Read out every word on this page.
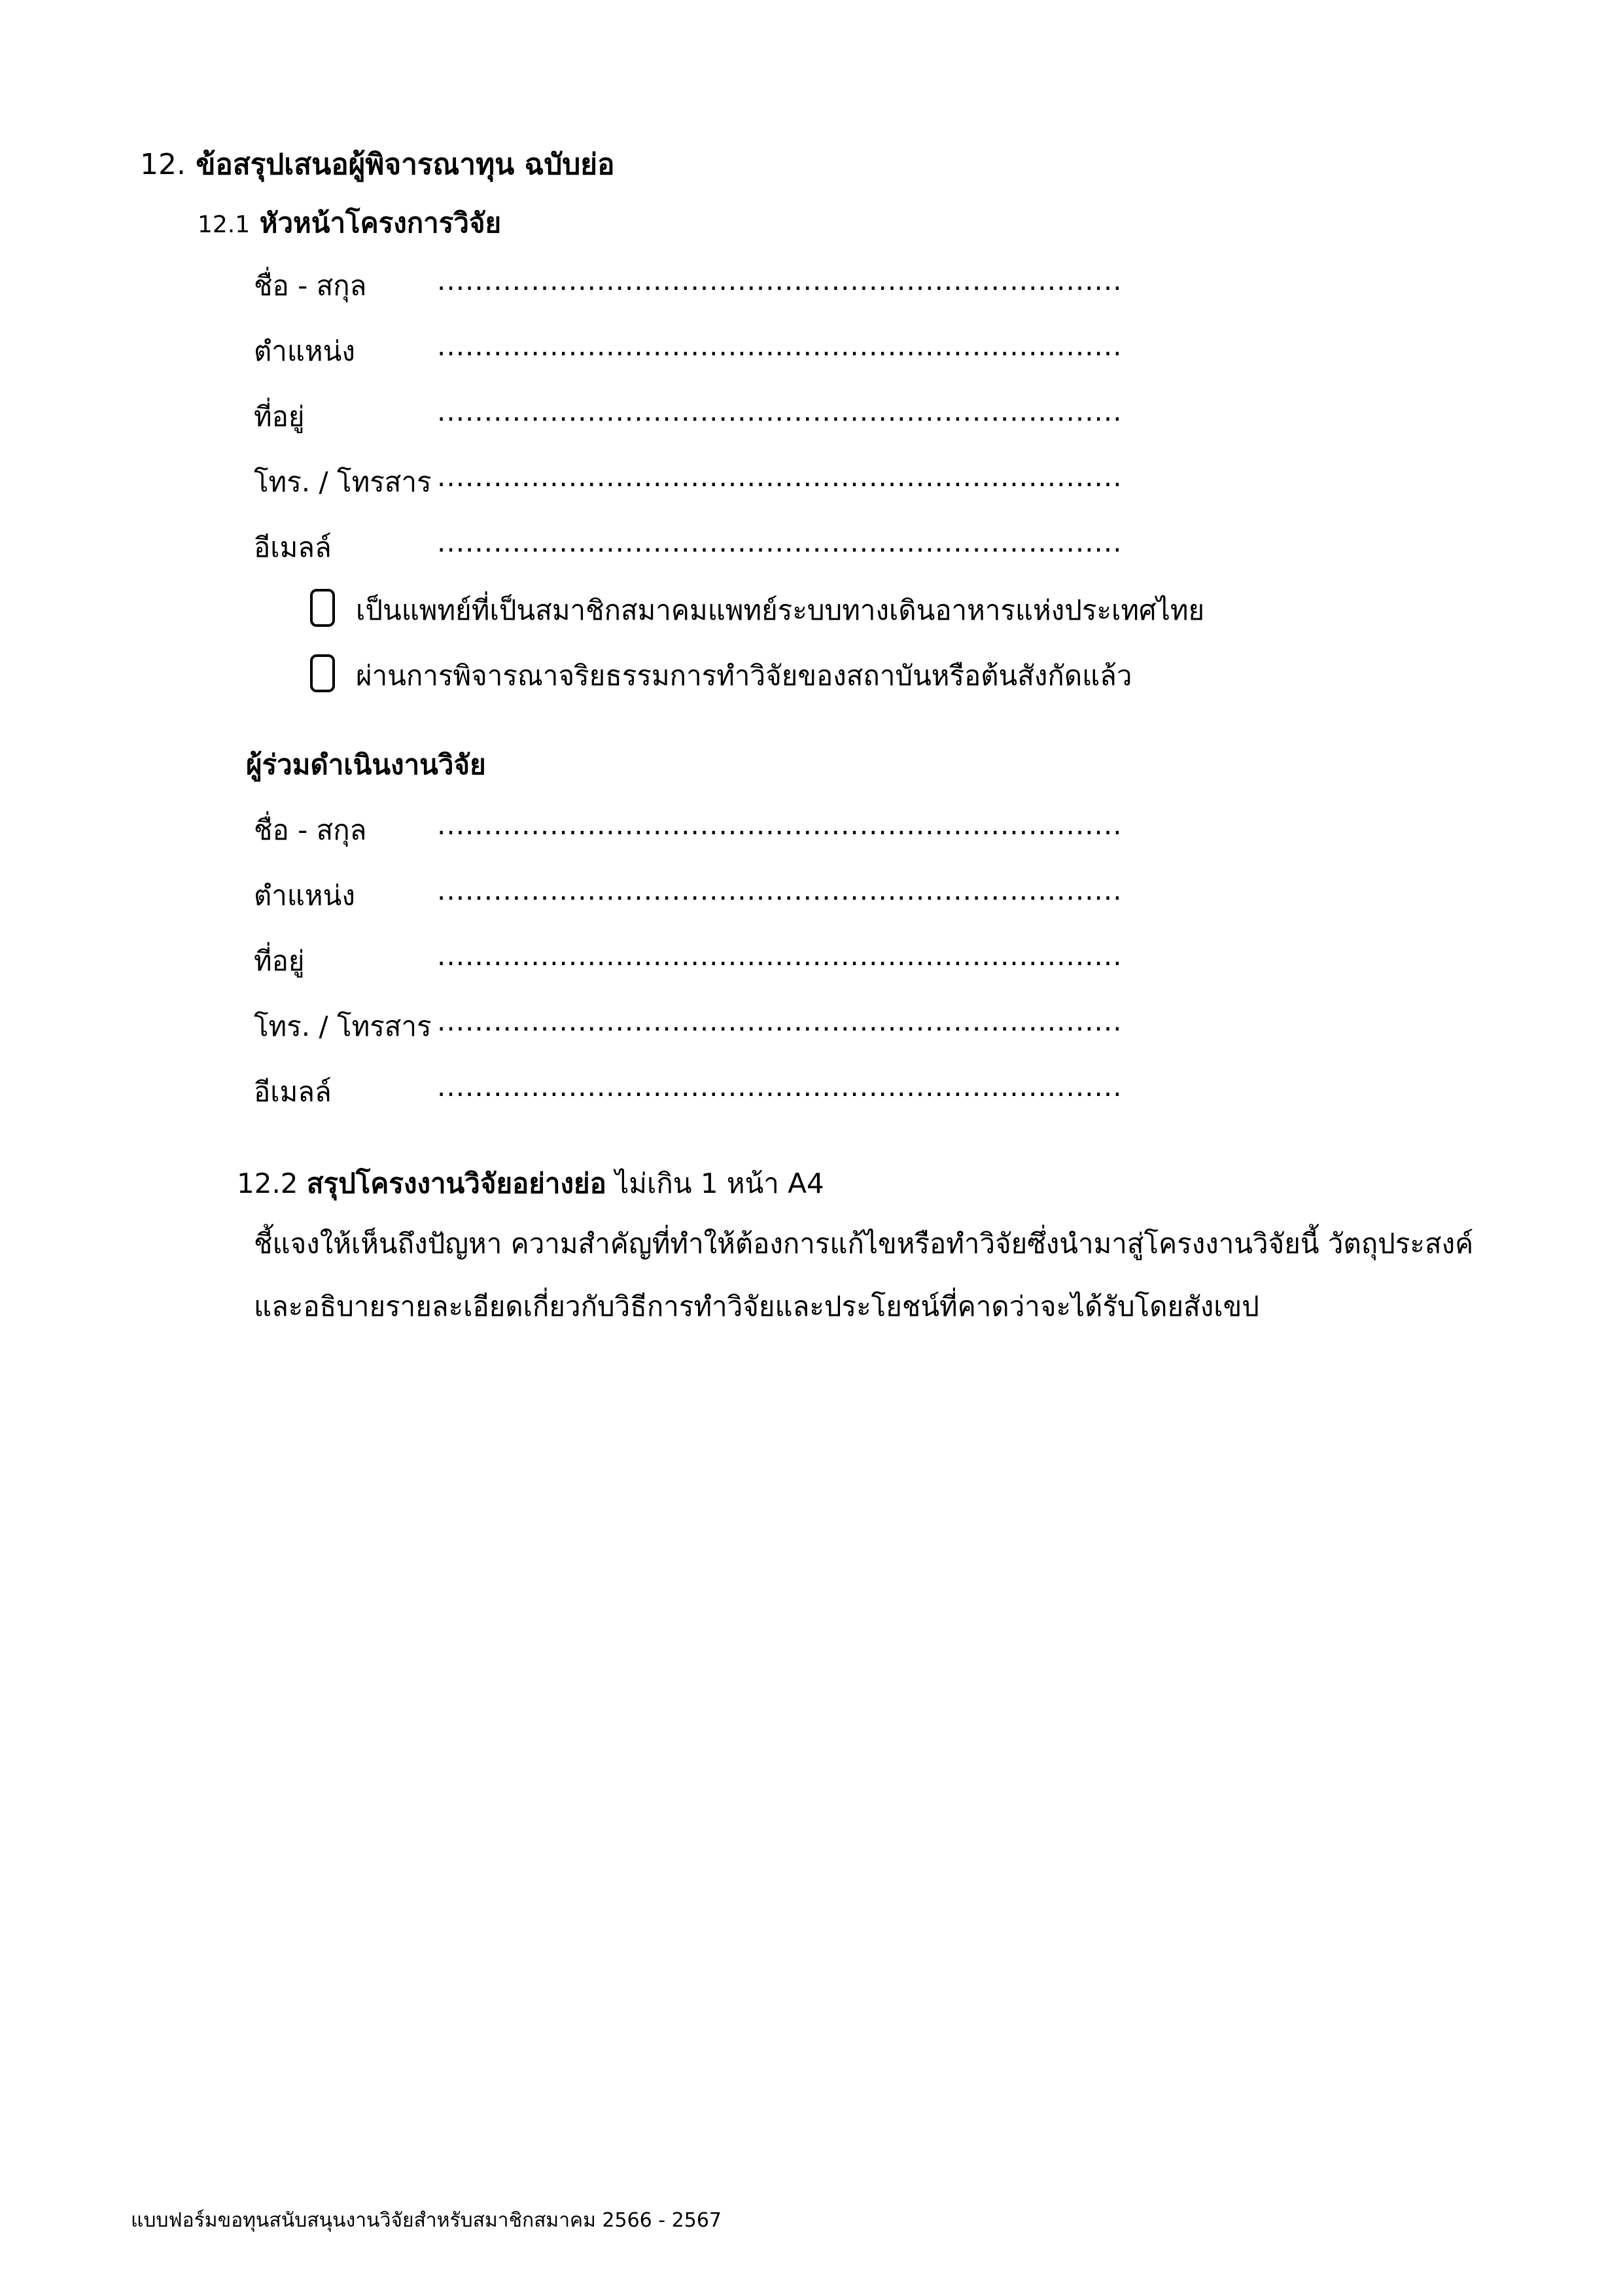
12. ข้อสรุปเสนอผู้พิจารณาทุน ฉบับย่อ
12.1 หัวหน้าโครงการวิจัย
ชื่อ - สกุล	.........................................................................
ตำแหน่ง	.........................................................................
ที่อยู่	.........................................................................
โทร. / โทรสาร .........................................................................
อีเมลล์	.........................................................................
เป็นแพทย์ที่เป็นสมาชิกสมาคมแพทย์ระบบทางเดินอาหารแห่งประเทศไทย
ผ่านการพิจารณาจริยธรรมการทำวิจัยของสถาบันหรือต้นสังกัดแล้ว
ผู้ร่วมดำเนินงานวิจัย
ชื่อ - สกุล	.........................................................................
ตำแหน่ง	.........................................................................
ที่อยู่	.........................................................................
โทร. / โทรสาร .........................................................................
อีเมลล์	.........................................................................
12.2 สรุปโครงงานวิจัยอย่างย่อ ไม่เกิน 1 หน้า A4
ชี้แจงให้เห็นถึงปัญหา ความสำคัญที่ทำให้ต้องการแก้ไขหรือทำวิจัยซึ่งนำมาสู่โครงงานวิจัยนี้ วัตถุประสงค์
และอธิบายรายละเอียดเกี่ยวกับวิธีการทำวิจัยและประโยชน์ที่คาดว่าจะได้รับโดยสังเขป
แบบฟอร์มขอทุนสนับสนุนงานวิจัยสำหรับสมาชิกสมาคม 2566 - 2567
